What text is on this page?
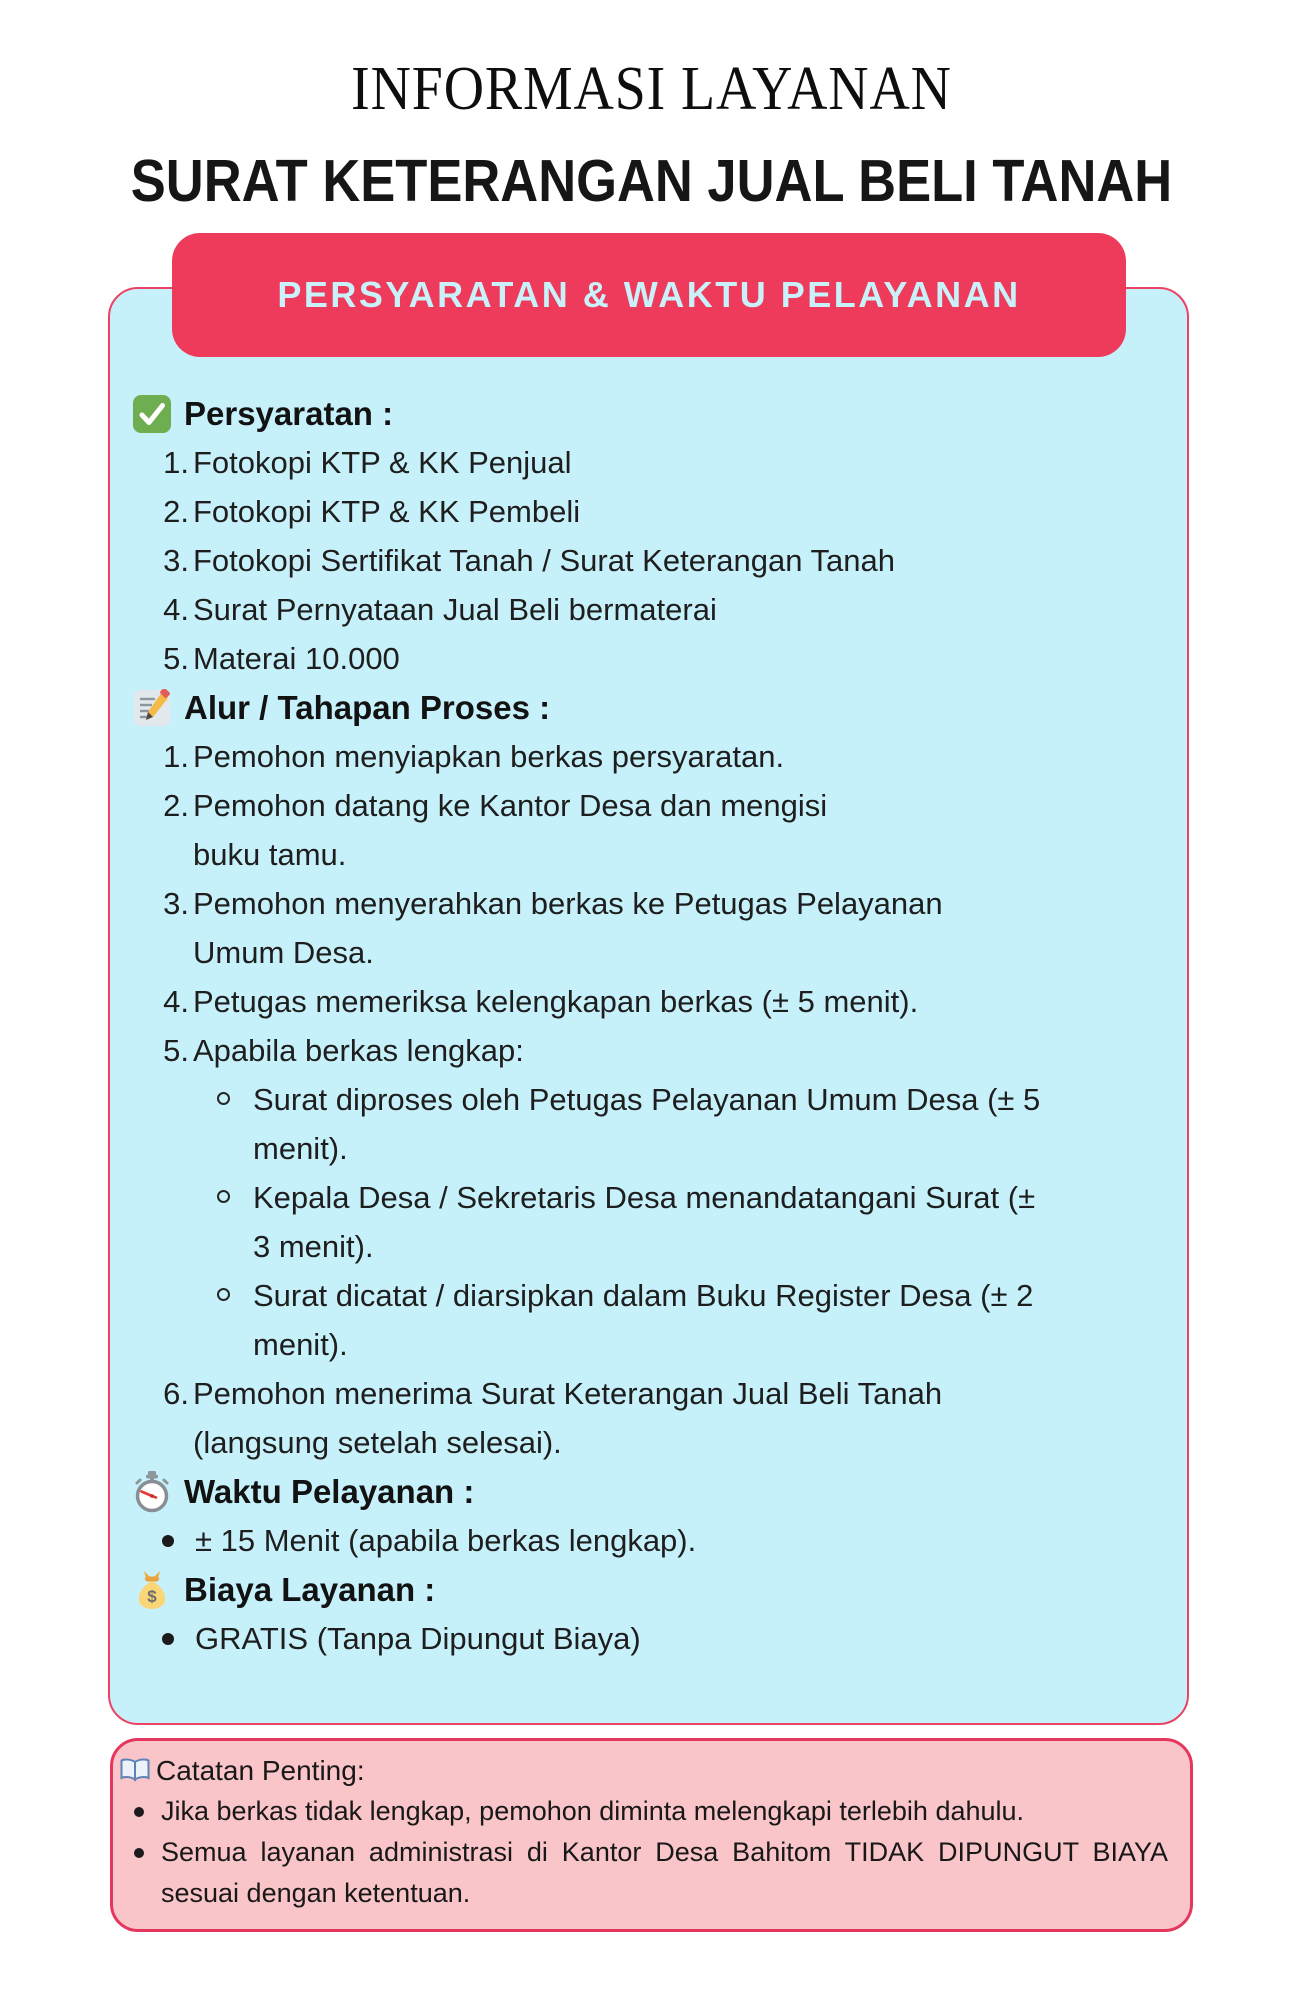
INFORMASI LAYANAN
SURAT KETERANGAN JUAL BELI TANAH
PERSYARATAN & WAKTU PELAYANAN
Persyaratan :
Fotokopi KTP & KK Penjual
Fotokopi KTP & KK Pembeli
Fotokopi Sertifikat Tanah / Surat Keterangan Tanah
Surat Pernyataan Jual Beli bermaterai
Materai 10.000
Alur / Tahapan Proses :
Pemohon menyiapkan berkas persyaratan.
Pemohon datang ke Kantor Desa dan mengisi buku tamu.
Pemohon menyerahkan berkas ke Petugas Pelayanan Umum Desa.
Petugas memeriksa kelengkapan berkas (± 5 menit).
Apabila berkas lengkap:
Surat diproses oleh Petugas Pelayanan Umum Desa (± 5 menit).
Kepala Desa / Sekretaris Desa menandatangani Surat (± 3 menit).
Surat dicatat / diarsipkan dalam Buku Register Desa (± 2 menit).
Pemohon menerima Surat Keterangan Jual Beli Tanah (langsung setelah selesai).
Waktu Pelayanan :
± 15 Menit (apabila berkas lengkap).
$ Biaya Layanan :
GRATIS (Tanpa Dipungut Biaya)
Catatan Penting:
Jika berkas tidak lengkap, pemohon diminta melengkapi terlebih dahulu.
Semua layanan administrasi di Kantor Desa Bahitom TIDAK DIPUNGUT BIAYA sesuai dengan ketentuan.
